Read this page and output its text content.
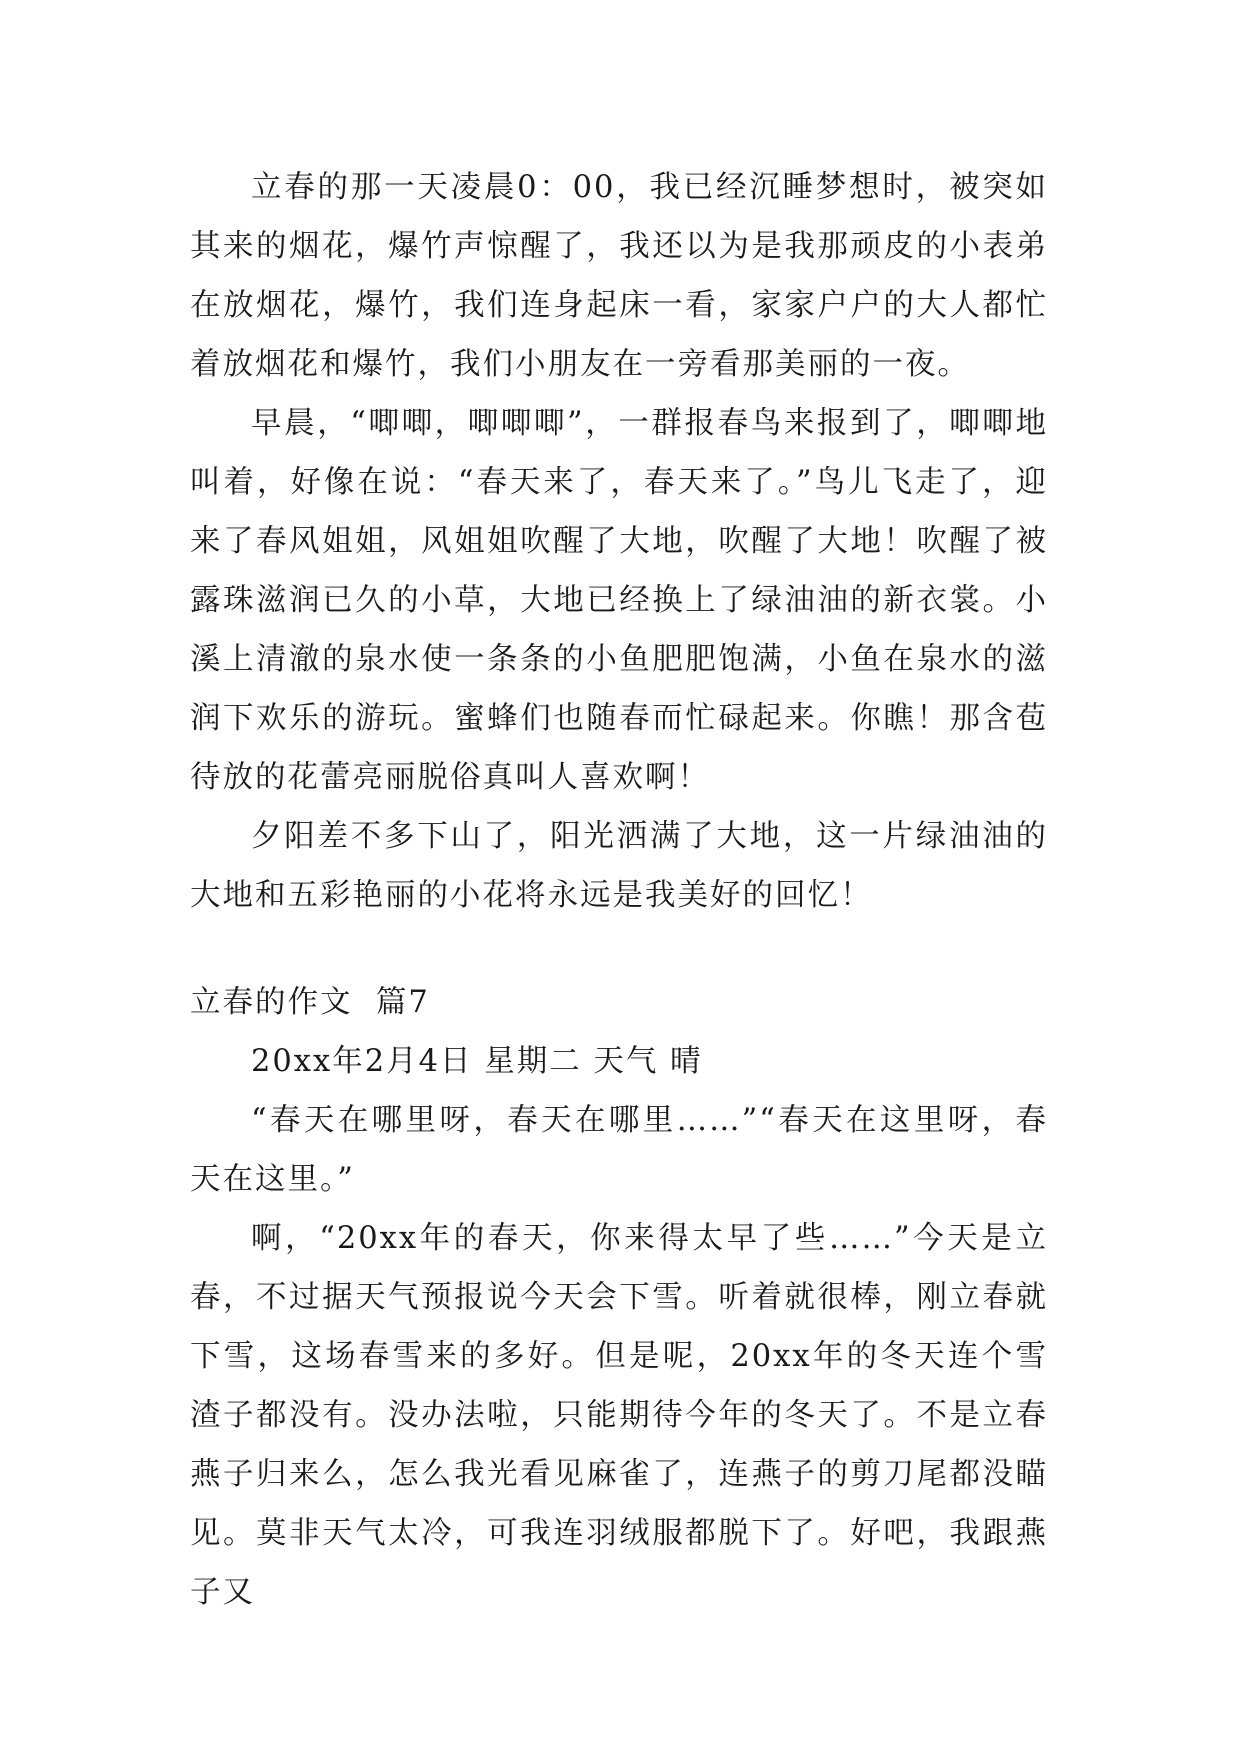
立春的那一天凌晨0：00，我已经沉睡梦想时，被突如其来的烟花，爆竹声惊醒了，我还以为是我那顽皮的小表弟在放烟花，爆竹，我们连身起床一看，家家户户的大人都忙着放烟花和爆竹，我们小朋友在一旁看那美丽的一夜。

早晨，“唧唧，唧唧唧”，一群报春鸟来报到了，唧唧地叫着，好像在说：“春天来了，春天来了。”鸟儿飞走了，迎来了春风姐姐，风姐姐吹醒了大地，吹醒了大地！吹醒了被露珠滋润已久的小草，大地已经换上了绿油油的新衣裳。小溪上清澈的泉水使一条条的小鱼肥肥饱满，小鱼在泉水的滋润下欢乐的游玩。蜜蜂们也随春而忙碌起来。你瞧！那含苞待放的花蕾亮丽脱俗真叫人喜欢啊！

夕阳差不多下山了，阳光洒满了大地，这一片绿油油的大地和五彩艳丽的小花将永远是我美好的回忆！

立春的作文  篇7

20xx年2月4日 星期二 天气 晴

“春天在哪里呀，春天在哪里……”“春天在这里呀，春天在这里。”

啊，“20xx年的春天，你来得太早了些……”今天是立春，不过据天气预报说今天会下雪。听着就很棒，刚立春就下雪，这场春雪来的多好。但是呢，20xx年的冬天连个雪渣子都没有。没办法啦，只能期待今年的冬天了。不是立春燕子归来么，怎么我光看见麻雀了，连燕子的剪刀尾都没瞄见。莫非天气太冷，可我连羽绒服都脱下了。好吧，我跟燕子又
